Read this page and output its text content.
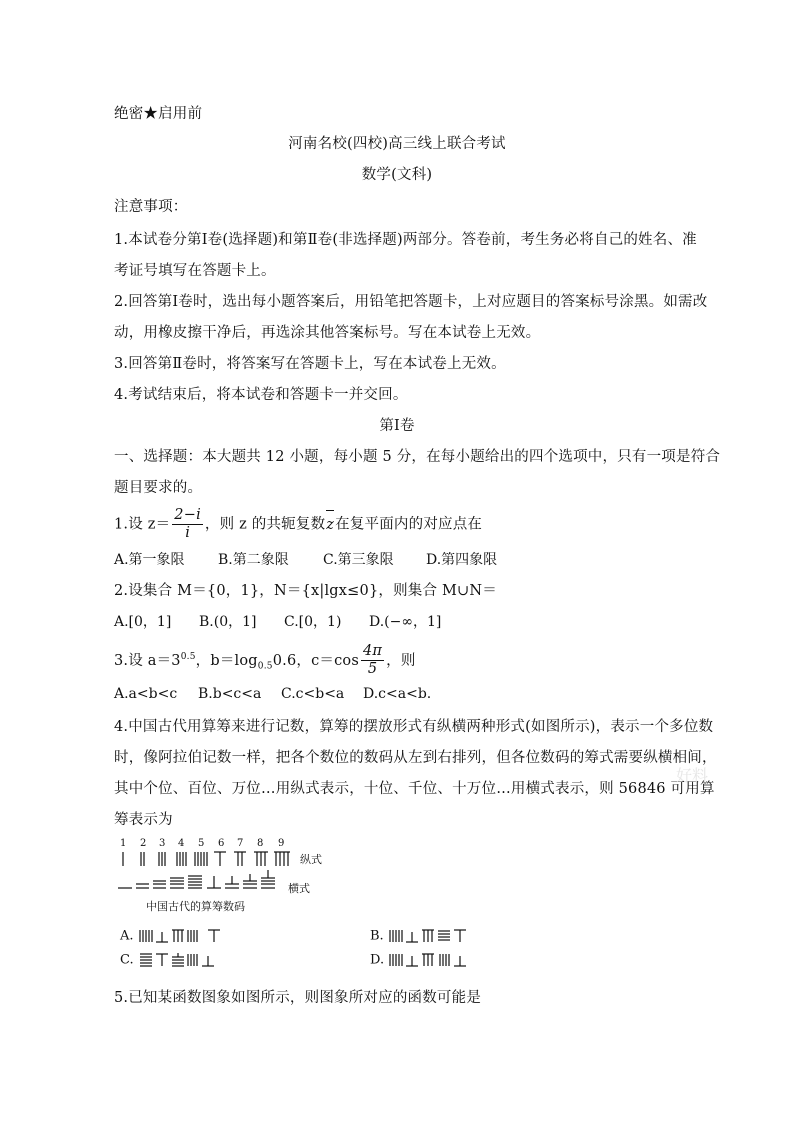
绝密★启用前
河南名校(四校)高三线上联合考试
数学(文科)
注意事项：
1.本试卷分第Ⅰ卷(选择题)和第Ⅱ卷(非选择题)两部分。答卷前，考生务必将自己的姓名、准
考证号填写在答题卡上。
2.回答第Ⅰ卷时，选出每小题答案后，用铅笔把答题卡，上对应题目的答案标号涂黑。如需改
动，用橡皮擦干净后，再选涂其他答案标号。写在本试卷上无效。
3.回答第Ⅱ卷时，将答案写在答题卡上，写在本试卷上无效。
4.考试结束后，将本试卷和答题卡一并交回。
第Ⅰ卷
一、选择题：本大题共 12 小题，每小题 5 分，在每小题给出的四个选项中，只有一项是符合
题目要求的。
1.设 $z= \frac{2-i}{i}$ ，则 z 的共轭复数z在复平面内的对应点在
A.第一象限 B.第二象限 C.第三象限 D.第四象限
2.设集合 M＝{0，1}，N＝{x|lgx≤0}，则集合 M∪N＝
A.[0，1] B.(0，1] C.[0，1) D.(−∞，1]
3.设 $a=3^{0.5}$，$b=\log_{0.5}0.6$，$c=\cos \frac{4\pi}{5}$ ，则
A.a<b<c B.b<c<a C.c<b<a D.c<a<b.
4.中国古代用算筹来进行记数，算筹的摆放形式有纵横两种形式(如图所示)，表示一个多位数
时，像阿拉伯记数一样，把各个数位的数码从左到右排列，但各位数码的筹式需要纵横相间，
其中个位、百位、万位…用纵式表示，十位、千位、十万位…用横式表示，则 56846 可用算
筹表示为
好料
1 2 3 4 5 6 7 8 9
纵式
横式
中国古代的算筹数码
A.	B.
C.	D.
5.已知某函数图象如图所示，则图象所对应的函数可能是
